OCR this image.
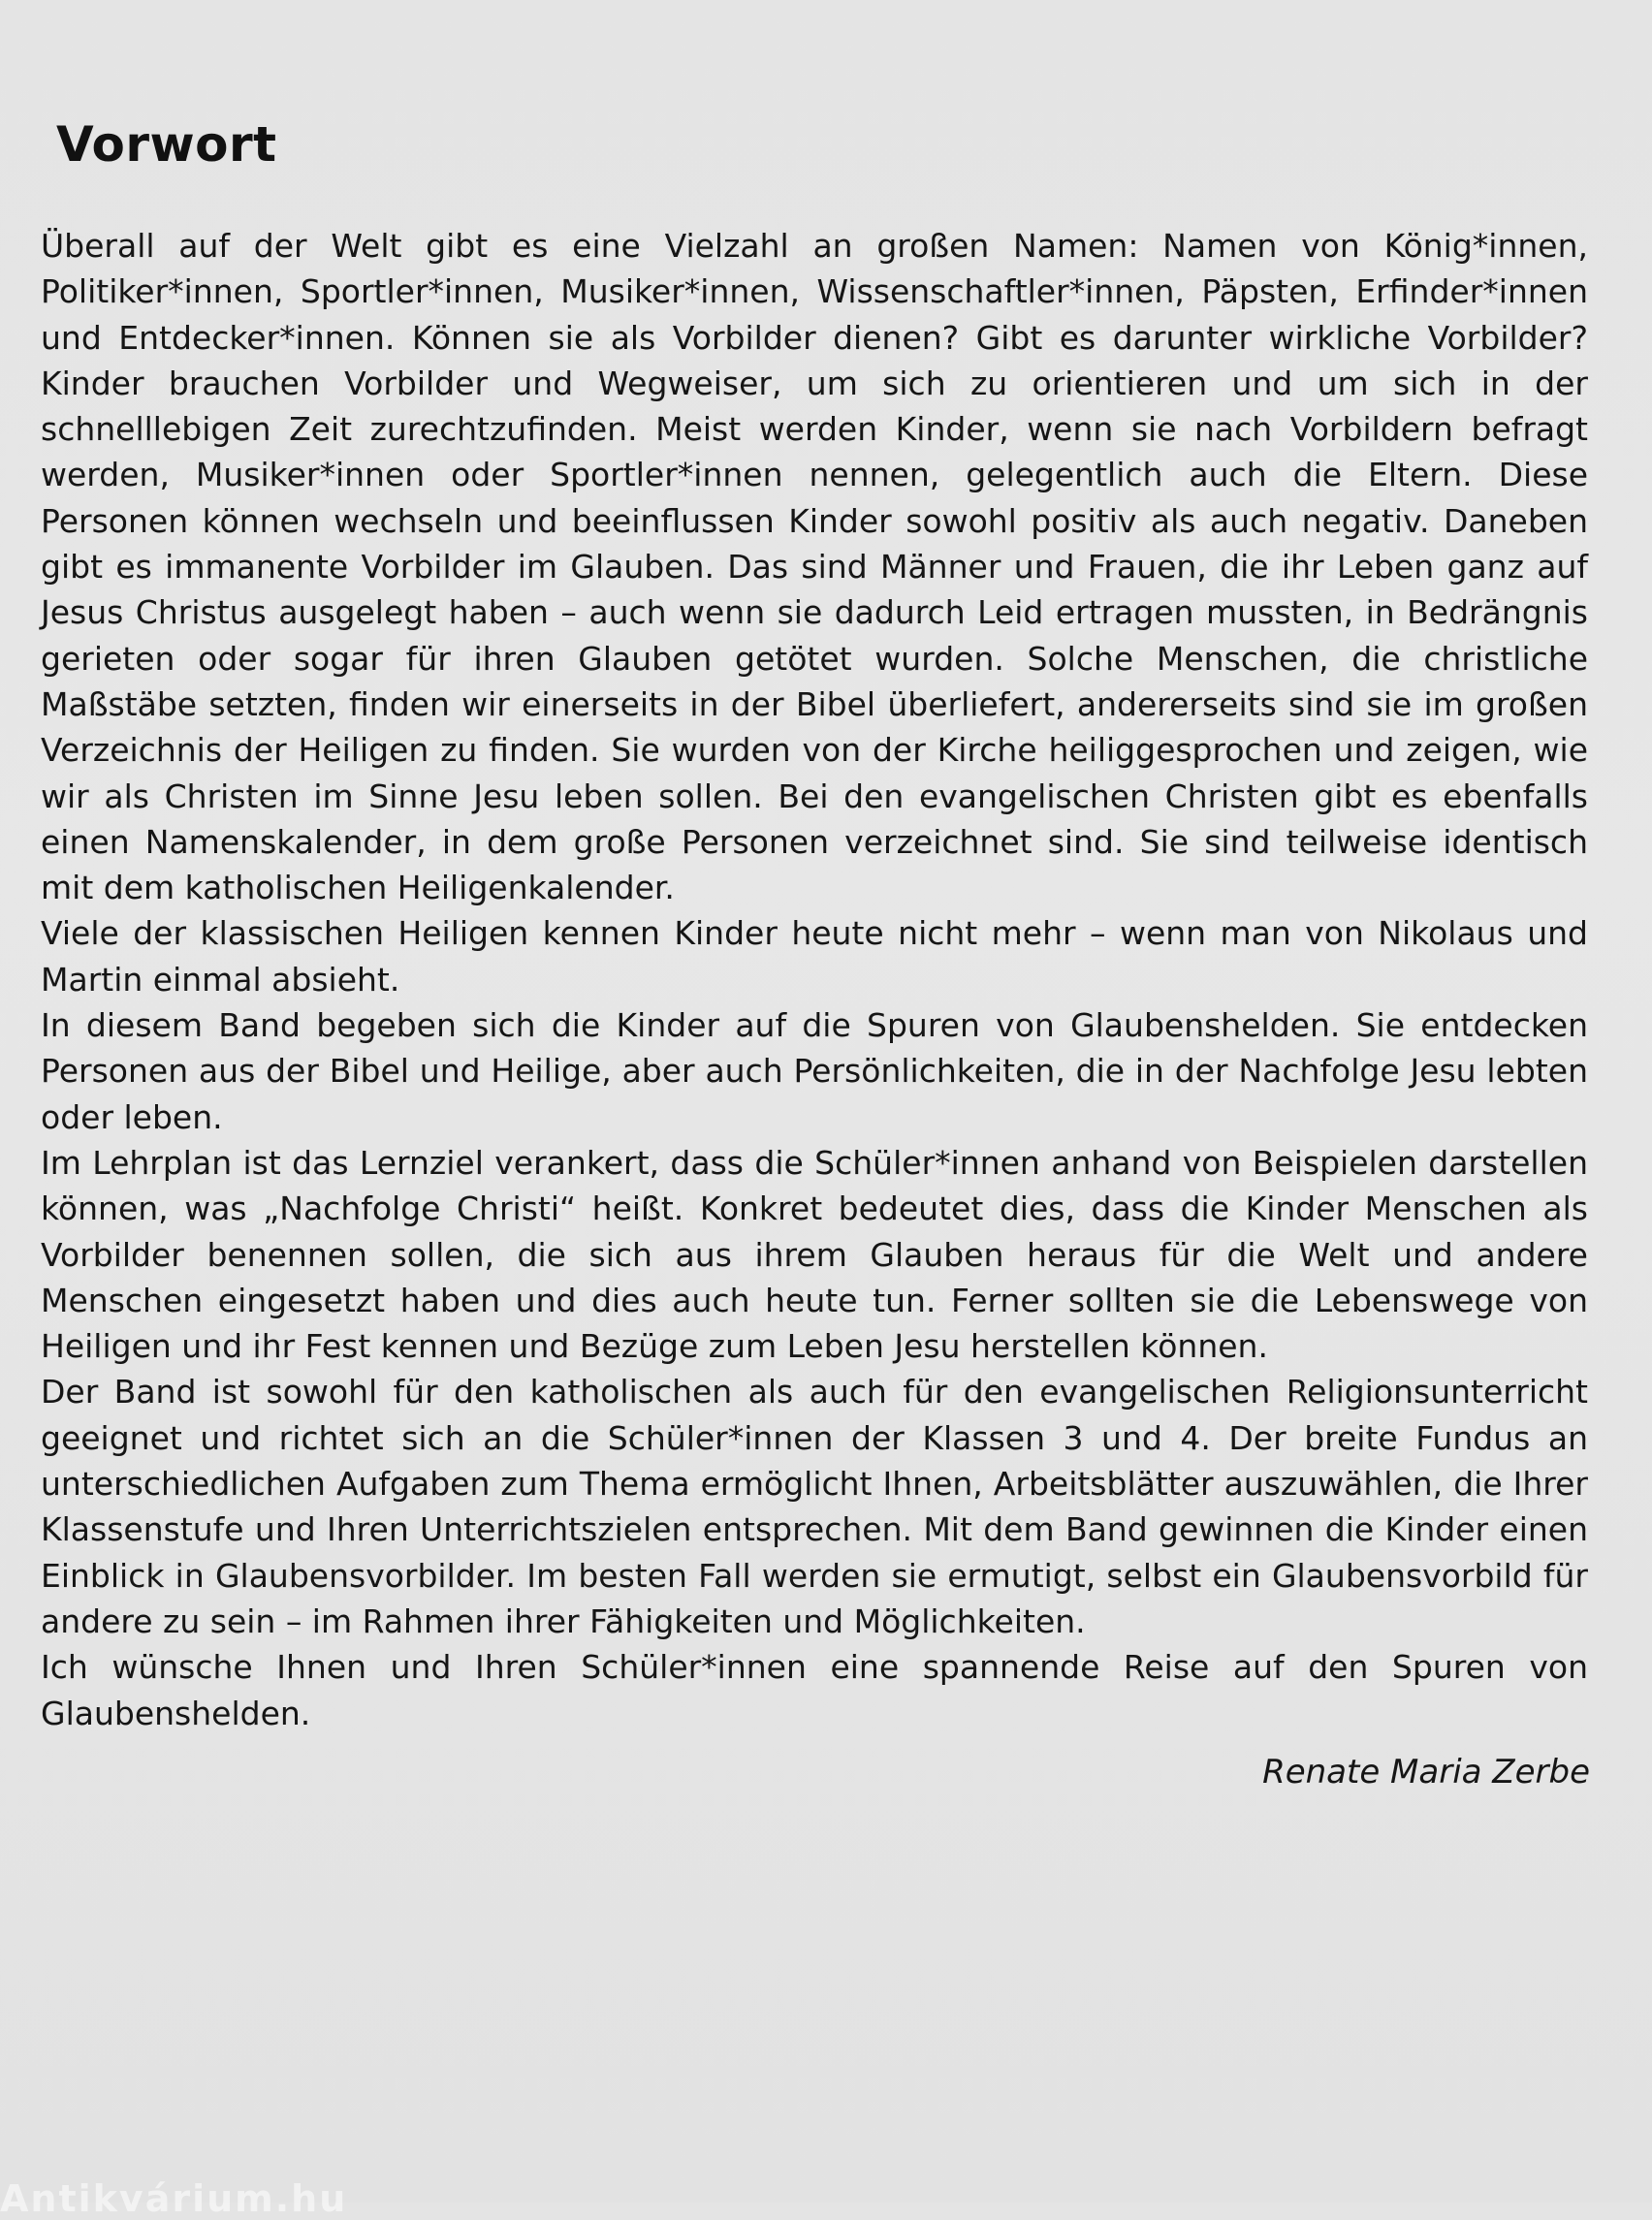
Vorwort

Überall auf der Welt gibt es eine Vielzahl an großen Namen: Namen von König*innen, Politiker*innen, Sportler*innen, Musiker*innen, Wissenschaftler*innen, Päpsten, Erfinder*innen und Entdecker*innen. Können sie als Vorbilder dienen? Gibt es darunter wirkliche Vorbilder? Kinder brauchen Vorbilder und Wegweiser, um sich zu orientieren und um sich in der schnelllebigen Zeit zurechtzufinden. Meist werden Kinder, wenn sie nach Vorbildern befragt werden, Musiker*innen oder Sportler*innen nennen, gelegentlich auch die Eltern. Diese Personen können wechseln und beeinflussen Kinder sowohl positiv als auch negativ. Daneben gibt es immanente Vorbilder im Glauben. Das sind Männer und Frauen, die ihr Leben ganz auf Jesus Christus ausgelegt haben – auch wenn sie dadurch Leid ertragen mussten, in Bedrängnis gerieten oder sogar für ihren Glauben getötet wurden. Solche Menschen, die christliche Maßstäbe setzten, finden wir einerseits in der Bibel überliefert, andererseits sind sie im großen Verzeichnis der Heiligen zu finden. Sie wurden von der Kirche heiliggesprochen und zeigen, wie wir als Christen im Sinne Jesu leben sollen. Bei den evangelischen Christen gibt es ebenfalls einen Namenskalender, in dem große Personen verzeichnet sind. Sie sind teilweise identisch mit dem katholischen Heiligenkalender.

Viele der klassischen Heiligen kennen Kinder heute nicht mehr – wenn man von Nikolaus und Martin einmal absieht.

In diesem Band begeben sich die Kinder auf die Spuren von Glaubenshelden. Sie entdecken Personen aus der Bibel und Heilige, aber auch Persönlichkeiten, die in der Nachfolge Jesu lebten oder leben.

Im Lehrplan ist das Lernziel verankert, dass die Schüler*innen anhand von Beispielen darstellen können, was „Nachfolge Christi“ heißt. Konkret bedeutet dies, dass die Kinder Menschen als Vorbilder benennen sollen, die sich aus ihrem Glauben heraus für die Welt und andere Menschen eingesetzt haben und dies auch heute tun. Ferner sollten sie die Lebenswege von Heiligen und ihr Fest kennen und Bezüge zum Leben Jesu herstellen können.

Der Band ist sowohl für den katholischen als auch für den evangelischen Religionsunterricht geeignet und richtet sich an die Schüler*innen der Klassen 3 und 4. Der breite Fundus an unterschiedlichen Aufgaben zum Thema ermöglicht Ihnen, Arbeitsblätter auszuwählen, die Ihrer Klassenstufe und Ihren Unterrichtszielen entsprechen. Mit dem Band gewinnen die Kinder einen Einblick in Glaubensvorbilder. Im besten Fall werden sie ermutigt, selbst ein Glaubensvorbild für andere zu sein – im Rahmen ihrer Fähigkeiten und Möglichkeiten.

Ich wünsche Ihnen und Ihren Schüler*innen eine spannende Reise auf den Spuren von Glaubenshelden.

Renate Maria Zerbe
Antikvárium.hu
